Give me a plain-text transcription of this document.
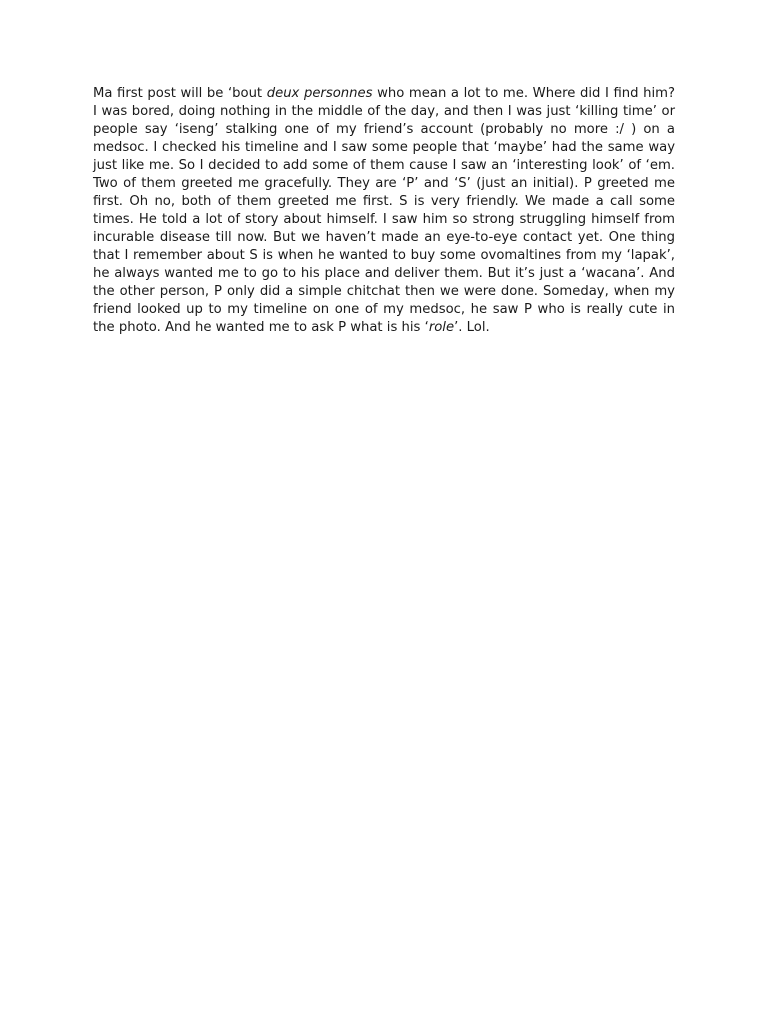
Ma first post will be ‘bout deux personnes who mean a lot to me. Where did I find him? I was bored, doing nothing in the middle of the day, and then I was just ‘killing time’ or people say ‘iseng’ stalking one of my friend’s account (probably no more :/ ) on a medsoc. I checked his timeline and I saw some people that ‘maybe’ had the same way just like me. So I decided to add some of them cause I saw an ‘interesting look’ of ‘em. Two of them greeted me gracefully. They are ‘P’ and ‘S’ (just an initial). P greeted me first. Oh no, both of them greeted me first. S is very friendly. We made a call some times. He told a lot of story about himself. I saw him so strong struggling himself from incurable disease till now. But we haven’t made an eye-to-eye contact yet. One thing that I remember about S is when he wanted to buy some ovomaltines from my ‘lapak’, he always wanted me to go to his place and deliver them. But it’s just a ‘wacana’. And the other person, P only did a simple chitchat then we were done. Someday, when my friend looked up to my timeline on one of my medsoc, he saw P who is really cute in the photo. And he wanted me to ask P what is his ‘role’. Lol.
